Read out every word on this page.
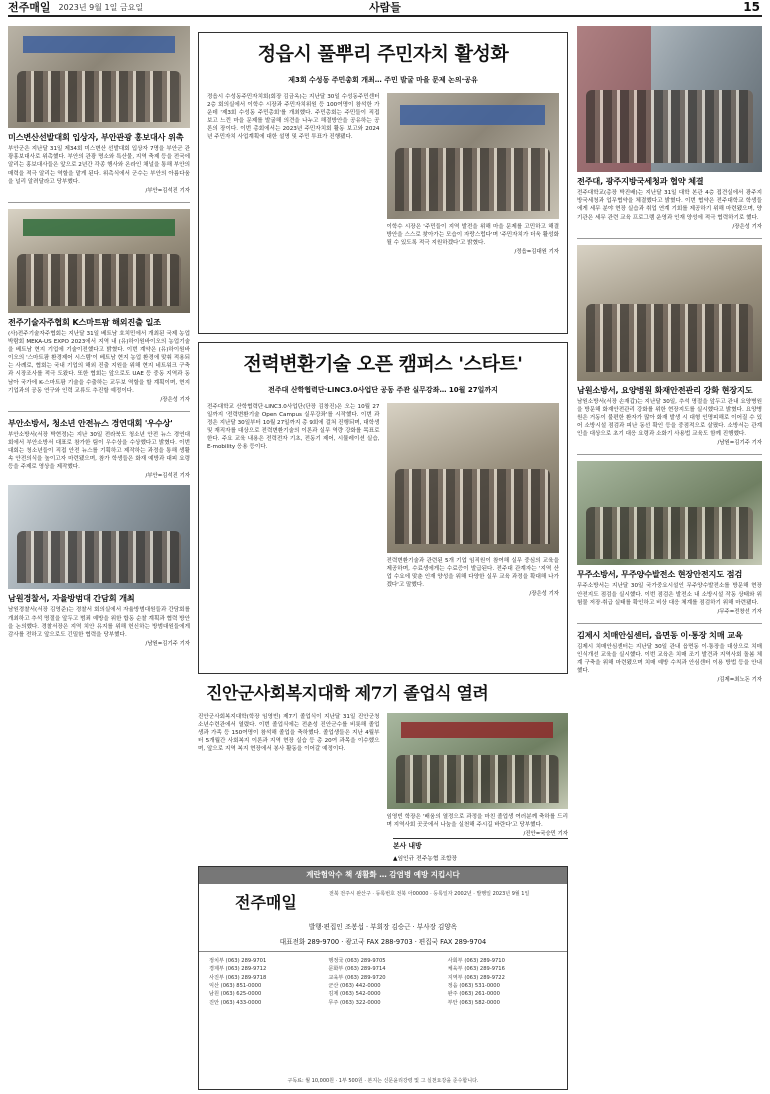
전주매일 2023년 9월 1일 금요일	사람들	15
미스변산선발대회 입상자, 부안관광 홍보대사 위촉
부안군은 지난달 31일 제34회 미스변산 선발대회 입상자 7명을 부안군 관광홍보대사로 위촉했다. 부안의 관광 명소와 특산물, 지역 축제 등을 전국에 알리는 홍보대사들은 앞으로 2년간 각종 행사와 온라인 채널을 통해 부안의 매력을 적극 알리는 역할을 맡게 된다. 위촉식에서 군수는 부안의 아름다움을 널리 알려달라고 당부했다.
/부안=김석진 기자
전주기술자주협회 K스마트팜 해외진출 일조
(사)전주기술자주협회는 지난달 31일 베트남 호치민에서 개최된 국제 농업박람회 MEKA-US EXPO 2023에서 지역 내 (유)하이원바이오의 농업기술을 베트남 현지 기업에 기술이전했다고 밝혔다. 이번 계약은 (유)하이원바이오의 '스마트팜 환경제어 시스템'이 베트남 현지 농업 환경에 맞춰 적용되는 사례로, 협회는 국내 기업의 해외 진출 지원을 위해 현지 네트워크 구축과 시장조사를 적극 도왔다. 또한 협회는 앞으로도 UAE 등 중동 지역과 동남아 국가에 K-스마트팜 기술을 수출하는 교두보 역할을 할 계획이며, 현지 기업과의 공동 연구와 인력 교류도 추진할 예정이다.
/장은성 기자
부안소방서, 청소년 안전뉴스 경연대회 '우수상'
부안소방서(서장 박현정)는 지난 30일 전라북도 청소년 안전 뉴스 경연대회에서 부안소방서 대표로 참가한 팀이 우수상을 수상했다고 밝혔다. 이번 대회는 청소년들이 직접 안전 뉴스를 기획하고 제작하는 과정을 통해 생활 속 안전의식을 높이고자 마련됐으며, 참가 학생들은 화재 예방과 대피 요령 등을 주제로 영상을 제작했다.
/부안=김석진 기자
남원경찰서, 자율방범대 간담회 개최
남원경찰서(서장 김영준)는 경찰서 회의실에서 자율방범대원들과 간담회를 개최하고 추석 명절을 앞두고 범죄 예방을 위한 합동 순찰 계획과 협력 방안을 논의했다. 경찰서장은 지역 치안 유지를 위해 헌신하는 방범대원들에게 감사를 전하고 앞으로도 긴밀한 협력을 당부했다.
/남원=김기주 기자
정읍시 풀뿌리 주민자치 활성화
제3회 수성동 주민총회 개최… 주민 발굴 마을 문제 논의·공유
정읍시 수성동주민자치회(회장 김금옥)는 지난달 30일 수성동주민센터 2층 회의실에서 이학수 시장과 주민자치위원 등 100여명이 참석한 가운데 '제3회 수성동 주민총회'를 개최했다. 주민총회는 주민들이 직접 보고 느낀 마을 문제를 발굴해 의견을 나누고 해결방안을 공유하는 공론의 장이다. 이번 총회에서는 2023년 주민자치회 활동 보고와 2024년 주민자치 사업계획에 대한 설명 및 주민 투표가 진행됐다.
이학수 시장은 '주민들이 지역 발전을 위해 마을 문제를 고민하고 해결 방안을 스스로 찾아가는 모습이 자랑스럽다'며 '주민자치가 더욱 활성화될 수 있도록 적극 지원하겠다'고 밝혔다.
/정읍=김대원 기자
전력변환기술 오픈 캠퍼스 '스타트'
전주대 산학협력단·LINC3.0사업단 공동 주관 실무강좌… 10월 27일까지
전주대학교 산학협력단·LINC3.0사업단(단장 김창진)은 오는 10월 27일까지 '전력변환기술 Open Campus 실무강좌'를 시작했다. 이번 과정은 지난달 30일부터 10월 27일까지 총 9회에 걸쳐 진행되며, 대학생 및 재직자를 대상으로 전력변환기술의 이론과 실무 역량 강화를 목표로 한다. 주요 교육 내용은 전력전자 기초, 전동기 제어, 시뮬레이션 실습, E-mobility 응용 등이다.
전력변환기술과 관련된 5개 기업 임직원이 참여해 실무 중심의 교육을 제공하며, 수료생에게는 수료증이 발급된다. 전주대 관계자는 '지역 산업 수요에 맞춘 인재 양성을 위해 다양한 실무 교육 과정을 확대해 나가겠다'고 말했다.
/장은성 기자
진안군사회복지대학 제7기 졸업식 열려
진안군사회복지대학(학장 임영빈) 제7기 졸업식이 지난달 31일 진안군청소년수련관에서 열렸다. 이번 졸업식에는 전춘성 진안군수를 비롯해 졸업생과 가족 등 150여명이 참석해 졸업을 축하했다. 졸업생들은 지난 4월부터 5개월간 사회복지 이론과 지역 현장 실습 등 총 20여 과목을 이수했으며, 앞으로 지역 복지 현장에서 봉사 활동을 이어갈 예정이다.
임영빈 학장은 '배움의 열정으로 과정을 마친 졸업생 여러분께 축하를 드리며 지역사회 곳곳에서 나눔을 실천해 주시길 바란다'고 당부했다.
/진안=국승민 기자
본사 내방
▲임인규 전주농협 조합장
계란험악수 책 생활화 … 감염병 예방 지킵시다
전주매일	전북 전주시 완산구 · 등록번호 전북 아00000 · 등록일자 2002년 · 발행일 2023년 9월 1일
발행·편집인 조봉섭 · 부회장 김승근 · 부사장 김양옥
대표전화 289-9700 · 광고국 FAX 288-9703 · 편집국 FAX 289-9704
정치부 (063) 289-9701	행정국 (063) 289-9705	사회부 (063) 289-9710
경제부 (063) 289-9712	문화부 (063) 289-9714	체육부 (063) 289-9716
사진부 (063) 289-9718	교육부 (063) 289-9720	지역부 (063) 289-9722
익산 (063) 851-0000	군산 (063) 442-0000	정읍 (063) 531-0000
남원 (063) 625-0000	김제 (063) 542-0000	완주 (063) 261-0000
진안 (063) 433-0000	무주 (063) 322-0000	부안 (063) 582-0000
구독료: 월 10,000원 · 1부 500원 · 본지는 신문윤리강령 및 그 실천요강을 준수합니다.
전주대, 광주지방국세청과 협약 체결
전주대학교(총장 박진배)는 지난달 31일 대학 본관 4층 접견실에서 광주지방국세청과 업무협약을 체결했다고 밝혔다. 이번 협약은 전주대학교 학생들에게 세무 분야 현장 실습과 취업 연계 기회를 제공하기 위해 마련됐으며, 양 기관은 세무 관련 교육 프로그램 운영과 인재 양성에 적극 협력하기로 했다.
/장은성 기자
남원소방서, 요양병원 화재안전관리 강화 현장지도
남원소방서(서장 손재갑)는 지난달 30일, 추석 명절을 앞두고 관내 요양병원을 방문해 화재안전관리 강화를 위한 현장지도를 실시했다고 밝혔다. 요양병원은 거동이 불편한 환자가 많아 화재 발생 시 대형 인명피해로 이어질 수 있어 소방시설 점검과 피난 동선 확인 등을 중점적으로 살폈다. 소방서는 관계인을 대상으로 초기 대응 요령과 소화기 사용법 교육도 함께 진행했다.
/남원=김기주 기자
무주소방서, 무주양수발전소 현장안전지도 점검
무주소방서는 지난달 30일 국가중요시설인 무주양수발전소를 방문해 현장 안전지도 점검을 실시했다. 이번 점검은 발전소 내 소방시설 작동 상태와 위험물 저장·취급 실태를 확인하고 비상 대응 체계를 점검하기 위해 마련됐다.
/무주=전창선 기자
김제시 치매안심센터, 읍면동 이·통장 치매 교육
김제시 치매안심센터는 지난달 30일 관내 읍면동 이·통장을 대상으로 치매 인식개선 교육을 실시했다. 이번 교육은 치매 조기 발견과 지역사회 돌봄 체계 구축을 위해 마련됐으며 치매 예방 수칙과 안심센터 이용 방법 등을 안내했다.
/김제=최노돈 기자
